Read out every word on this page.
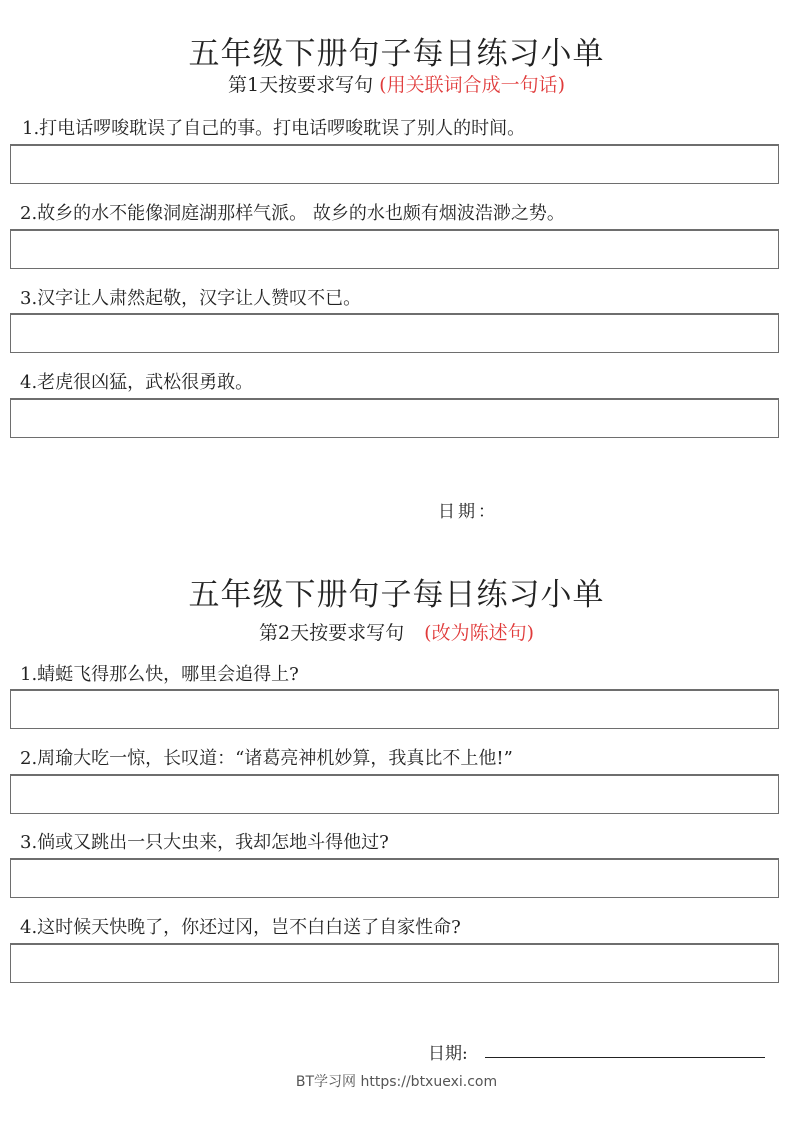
五年级下册句子每日练习小单
第1天按要求写句 (用关联词合成一句话)
1.打电话啰唆耽误了自己的事。打电话啰唆耽误了别人的时间。
2.故乡的水不能像洞庭湖那样气派。 故乡的水也颇有烟波浩渺之势。
3.汉字让人肃然起敬，汉字让人赞叹不已。
4.老虎很凶猛，武松很勇敢。
日期：
五年级下册句子每日练习小单
第2天按要求写句 (改为陈述句)
1.蜻蜓飞得那么快，哪里会追得上?
2.周瑜大吃一惊，长叹道：“诸葛亮神机妙算，我真比不上他!”
3.倘或又跳出一只大虫来，我却怎地斗得他过?
4.这时候天快晚了，你还过冈，岂不白白送了自家性命?
日期:
BT学习网 https://btxuexi.com
